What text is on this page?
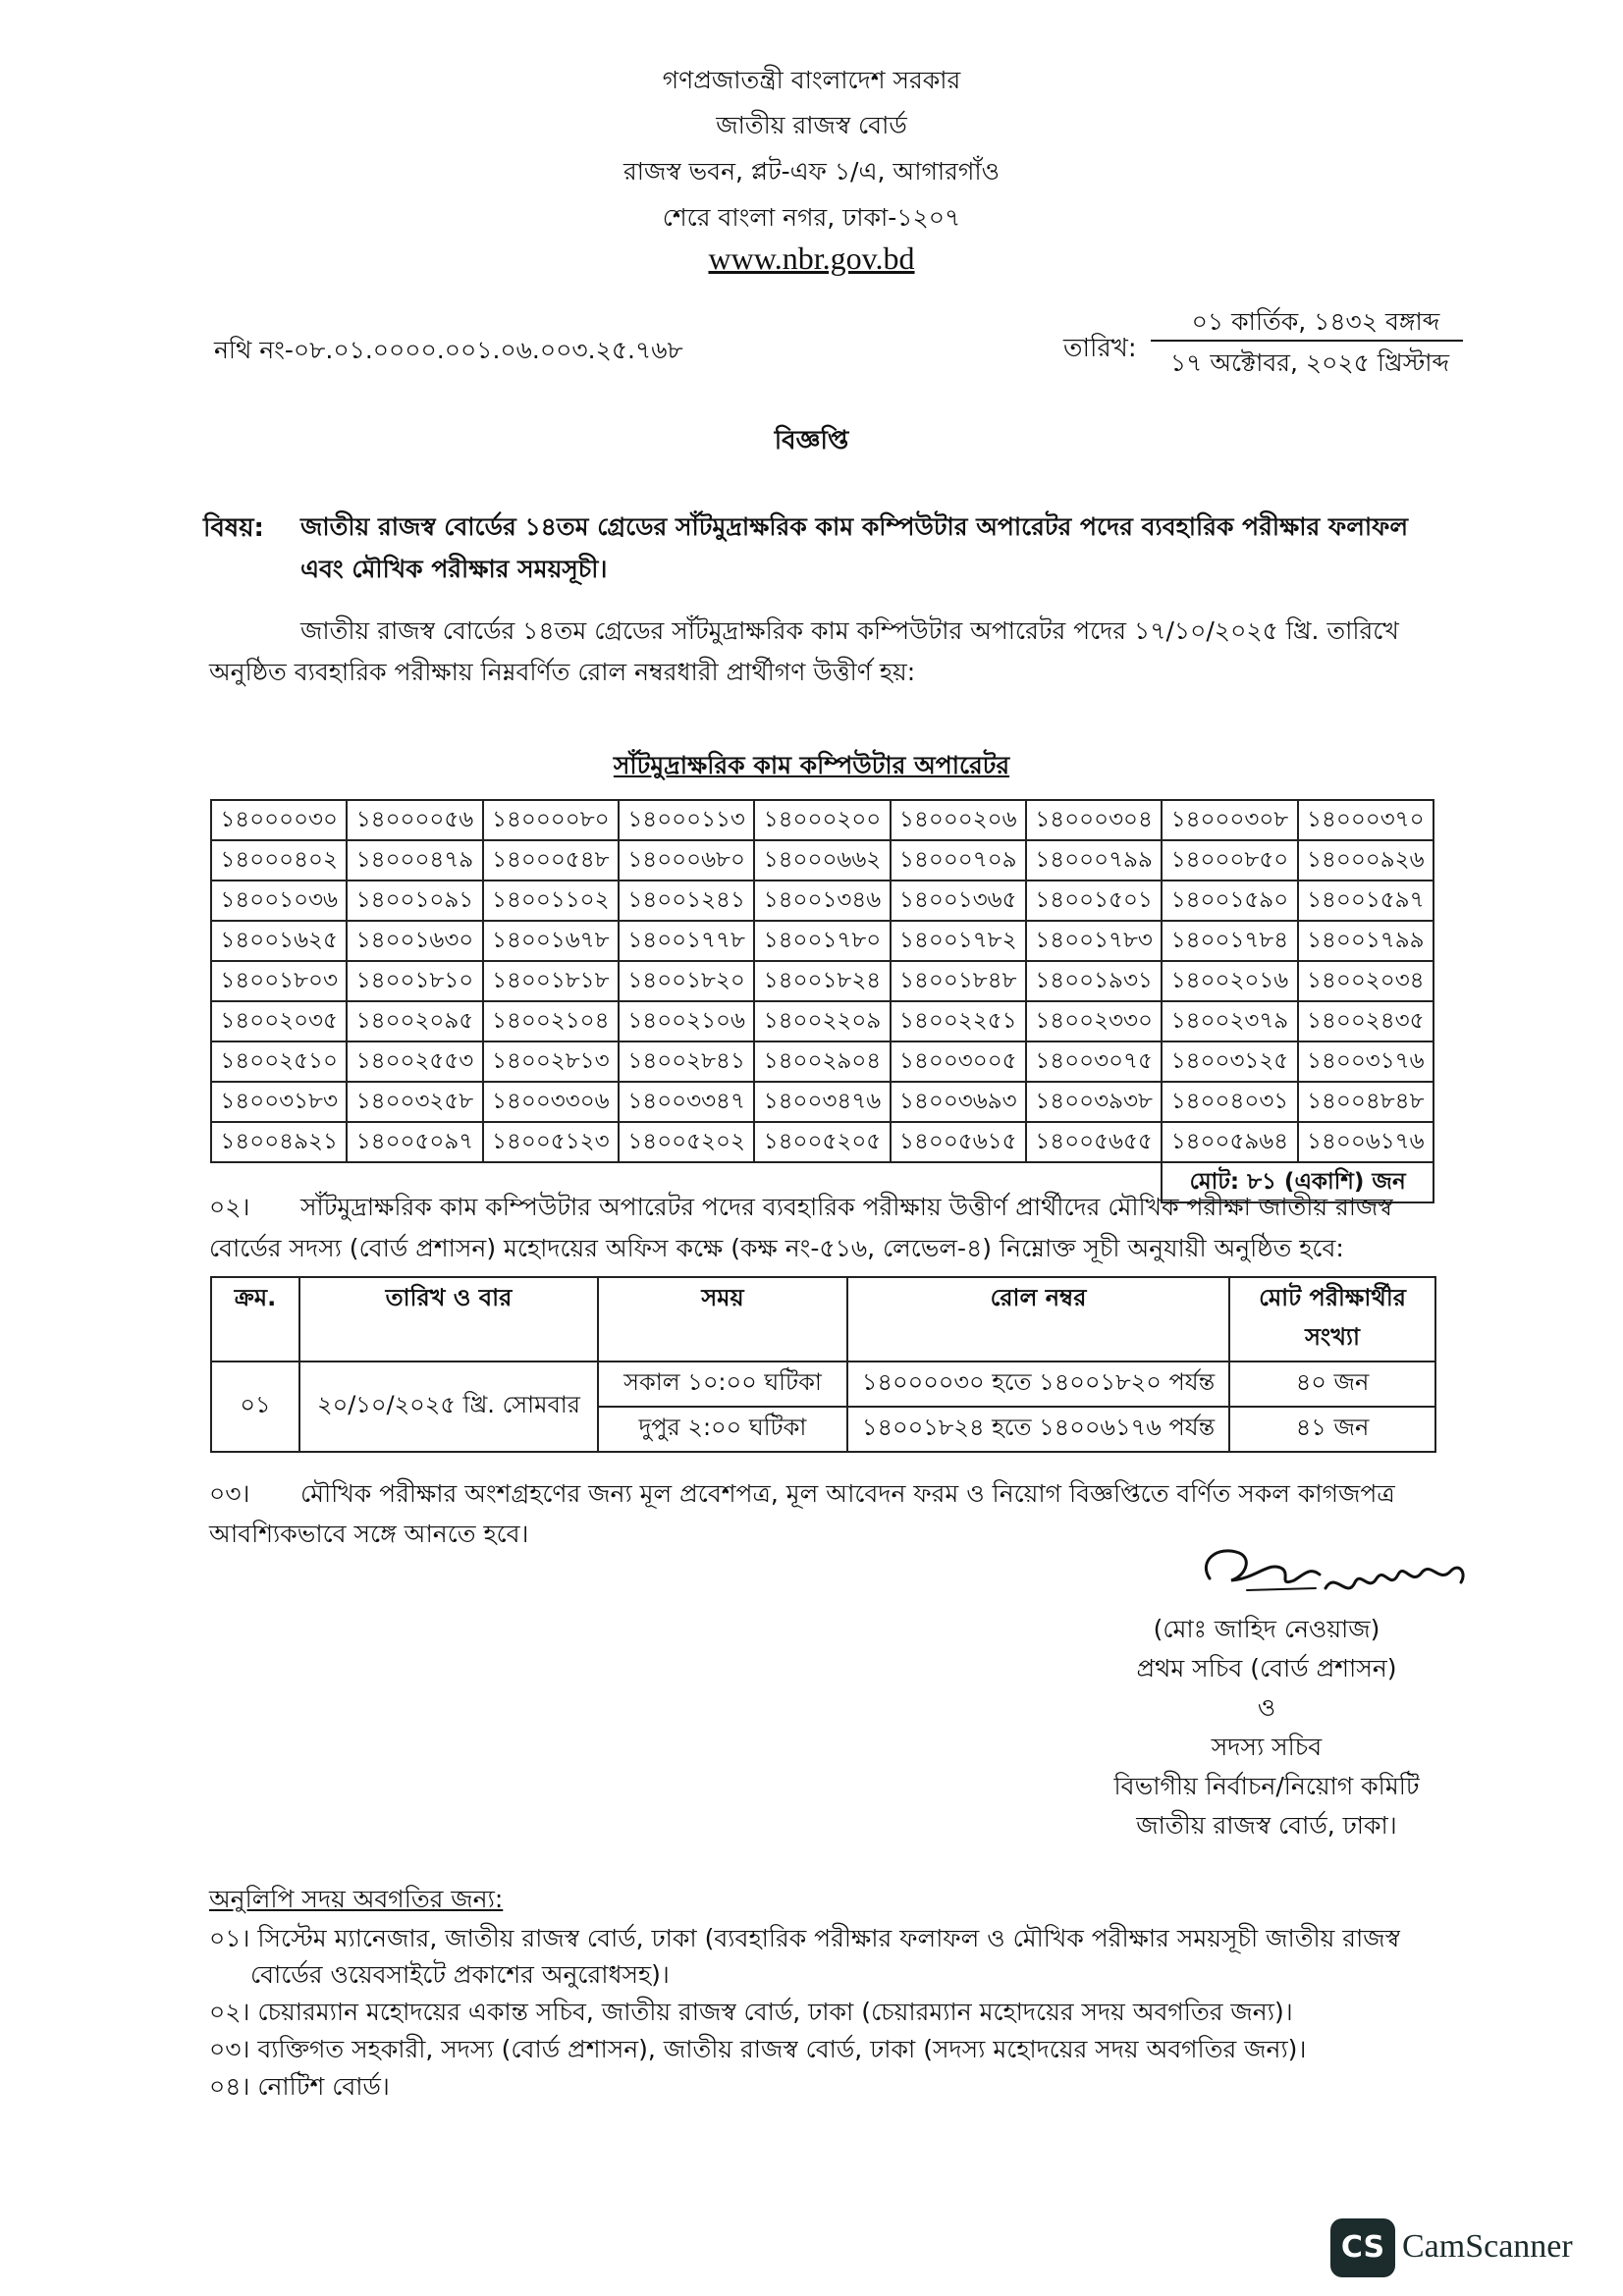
গণপ্রজাতন্ত্রী বাংলাদেশ সরকার
জাতীয় রাজস্ব বোর্ড
রাজস্ব ভবন, প্লট-এফ ১/এ, আগারগাঁও
শেরে বাংলা নগর, ঢাকা-১২০৭
www.nbr.gov.bd
নথি নং-০৮.০১.০০০০.০০১.০৬.০০৩.২৫.৭৬৮	তারিখ:
০১ কার্তিক, ১৪৩২ বঙ্গাব্দ
১৭ অক্টোবর, ২০২৫ খ্রিস্টাব্দ
বিজ্ঞপ্তি
বিষয়: জাতীয় রাজস্ব বোর্ডের ১৪তম গ্রেডের সাঁটমুদ্রাক্ষরিক কাম কম্পিউটার অপারেটর পদের ব্যবহারিক পরীক্ষার ফলাফল
এবং মৌখিক পরীক্ষার সময়সূচী।
জাতীয় রাজস্ব বোর্ডের ১৪তম গ্রেডের সাঁটমুদ্রাক্ষরিক কাম কম্পিউটার অপারেটর পদের ১৭/১০/২০২৫ খ্রি. তারিখে
অনুষ্ঠিত ব্যবহারিক পরীক্ষায় নিম্নবর্ণিত রোল নম্বরধারী প্রার্থীগণ উত্তীর্ণ হয়:
সাঁটমুদ্রাক্ষরিক কাম কম্পিউটার অপারেটর
১৪০০০০৩০	১৪০০০০৫৬	১৪০০০০৮০	১৪০০০১১৩	১৪০০০২০০	১৪০০০২০৬	১৪০০০৩০৪	১৪০০০৩০৮	১৪০০০৩৭০
১৪০০০৪০২	১৪০০০৪৭৯	১৪০০০৫৪৮	১৪০০০৬৮০	১৪০০০৬৬২	১৪০০০৭০৯	১৪০০০৭৯৯	১৪০০০৮৫০	১৪০০০৯২৬
১৪০০১০৩৬	১৪০০১০৯১	১৪০০১১০২	১৪০০১২৪১	১৪০০১৩৪৬	১৪০০১৩৬৫	১৪০০১৫০১	১৪০০১৫৯০	১৪০০১৫৯৭
১৪০০১৬২৫	১৪০০১৬৩০	১৪০০১৬৭৮	১৪০০১৭৭৮	১৪০০১৭৮০	১৪০০১৭৮২	১৪০০১৭৮৩	১৪০০১৭৮৪	১৪০০১৭৯৯
১৪০০১৮০৩	১৪০০১৮১০	১৪০০১৮১৮	১৪০০১৮২০	১৪০০১৮২৪	১৪০০১৮৪৮	১৪০০১৯৩১	১৪০০২০১৬	১৪০০২০৩৪
১৪০০২০৩৫	১৪০০২০৯৫	১৪০০২১০৪	১৪০০২১০৬	১৪০০২২০৯	১৪০০২২৫১	১৪০০২৩৩০	১৪০০২৩৭৯	১৪০০২৪৩৫
১৪০০২৫১০	১৪০০২৫৫৩	১৪০০২৮১৩	১৪০০২৮৪১	১৪০০২৯০৪	১৪০০৩০০৫	১৪০০৩০৭৫	১৪০০৩১২৫	১৪০০৩১৭৬
১৪০০৩১৮৩	১৪০০৩২৫৮	১৪০০৩৩০৬	১৪০০৩৩৪৭	১৪০০৩৪৭৬	১৪০০৩৬৯৩	১৪০০৩৯৩৮	১৪০০৪০৩১	১৪০০৪৮৪৮
১৪০০৪৯২১	১৪০০৫০৯৭	১৪০০৫১২৩	১৪০০৫২০২	১৪০০৫২০৫	১৪০০৫৬১৫	১৪০০৫৬৫৫	১৪০০৫৯৬৪	১৪০০৬১৭৬
							মোট: ৮১ (একাশি) জন	
০২। সাঁটমুদ্রাক্ষরিক কাম কম্পিউটার অপারেটর পদের ব্যবহারিক পরীক্ষায় উত্তীর্ণ প্রার্থীদের মৌখিক পরীক্ষা জাতীয় রাজস্ব
বোর্ডের সদস্য (বোর্ড প্রশাসন) মহোদয়ের অফিস কক্ষে (কক্ষ নং-৫১৬, লেভেল-৪) নিম্নোক্ত সূচী অনুযায়ী অনুষ্ঠিত হবে:
ক্রম.	তারিখ ও বার	সময়	রোল নম্বর	মোট পরীক্ষার্থীর সংখ্যা
০১	২০/১০/২০২৫ খ্রি. সোমবার	সকাল ১০:০০ ঘটিকা	১৪০০০০৩০ হতে ১৪০০১৮২০ পর্যন্ত	৪০ জন
		দুপুর ২:০০ ঘটিকা	১৪০০১৮২৪ হতে ১৪০০৬১৭৬ পর্যন্ত	৪১ জন
০৩। মৌখিক পরীক্ষার অংশগ্রহণের জন্য মূল প্রবেশপত্র, মূল আবেদন ফরম ও নিয়োগ বিজ্ঞপ্তিতে বর্ণিত সকল কাগজপত্র
আবশ্যিকভাবে সঙ্গে আনতে হবে।
(মোঃ জাহিদ নেওয়াজ)
প্রথম সচিব (বোর্ড প্রশাসন)
ও
সদস্য সচিব
বিভাগীয় নির্বাচন/নিয়োগ কমিটি
জাতীয় রাজস্ব বোর্ড, ঢাকা।
অনুলিপি সদয় অবগতির জন্য:
০১। সিস্টেম ম্যানেজার, জাতীয় রাজস্ব বোর্ড, ঢাকা (ব্যবহারিক পরীক্ষার ফলাফল ও মৌখিক পরীক্ষার সময়সূচী জাতীয় রাজস্ব
বোর্ডের ওয়েবসাইটে প্রকাশের অনুরোধসহ)।
০২। চেয়ারম্যান মহোদয়ের একান্ত সচিব, জাতীয় রাজস্ব বোর্ড, ঢাকা (চেয়ারম্যান মহোদয়ের সদয় অবগতির জন্য)।
০৩। ব্যক্তিগত সহকারী, সদস্য (বোর্ড প্রশাসন), জাতীয় রাজস্ব বোর্ড, ঢাকা (সদস্য মহোদয়ের সদয় অবগতির জন্য)।
০৪। নোটিশ বোর্ড।
CS CamScanner
